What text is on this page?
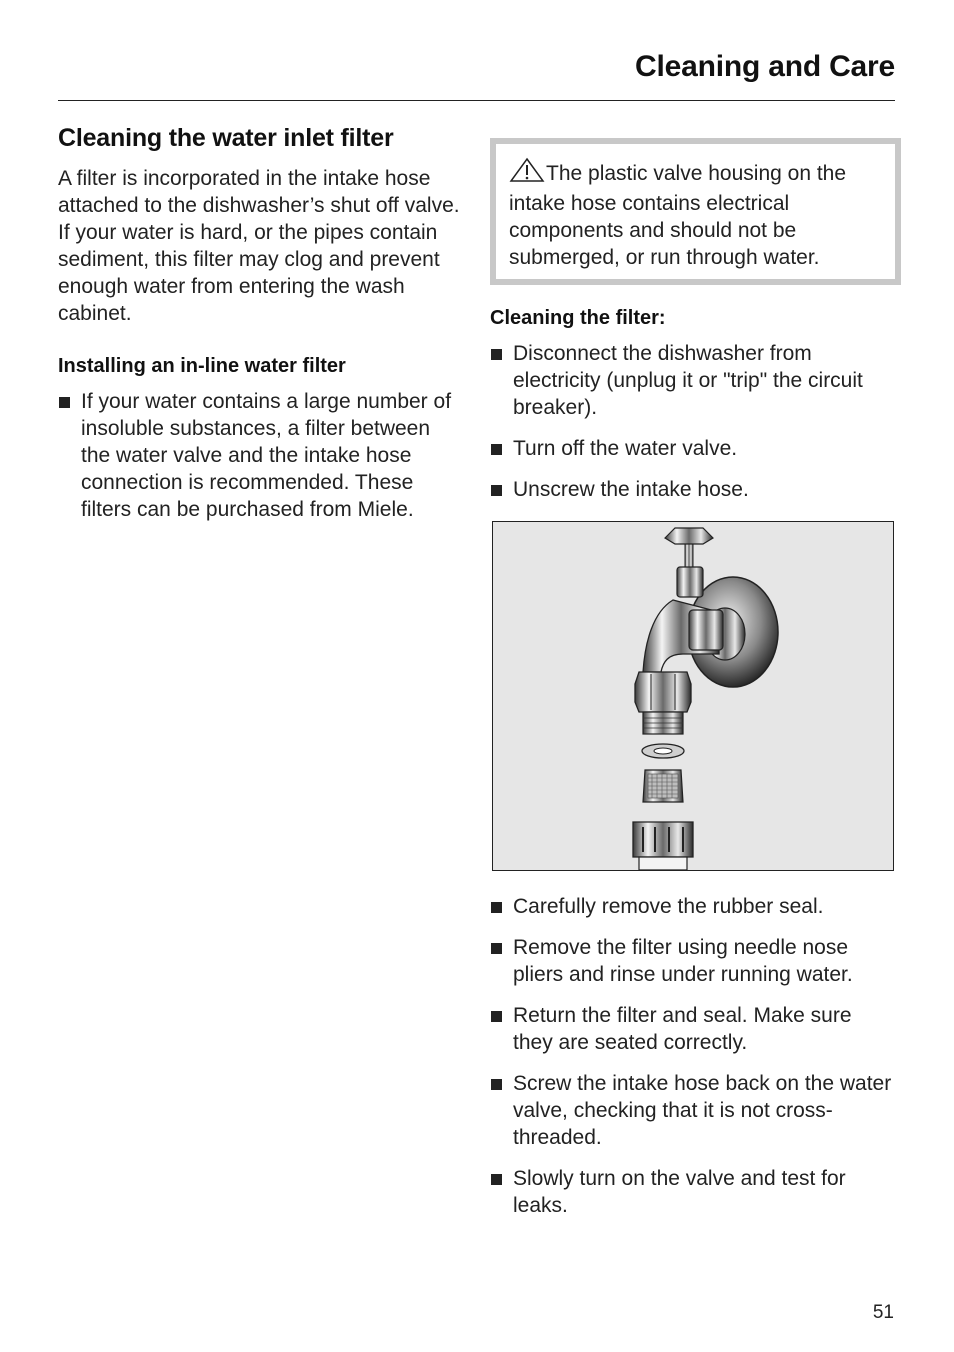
Cleaning and Care
Cleaning the water inlet filter

A filter is incorporated in the intake hose attached to the dishwasher’s shut off valve. If your water is hard, or the pipes contain sediment, this filter may clog and prevent enough water from entering the wash cabinet.

Installing an in-line water filter
If your water contains a large number of insoluble substances, a filter between the water valve and the intake hose connection is recommended. These filters can be purchased from Miele.

The plastic valve housing on the intake hose contains electrical components and should not be submerged, or run through water.

Cleaning the filter:
Disconnect the dishwasher from electricity (unplug it or "trip" the circuit breaker).
Turn off the water valve.
Unscrew the intake hose.
Carefully remove the rubber seal.
Remove the filter using needle nose pliers and rinse under running water.
Return the filter and seal. Make sure they are seated correctly.
Screw the intake hose back on the water valve, checking that it is not cross-threaded.
Slowly turn on the valve and test for leaks.
51
